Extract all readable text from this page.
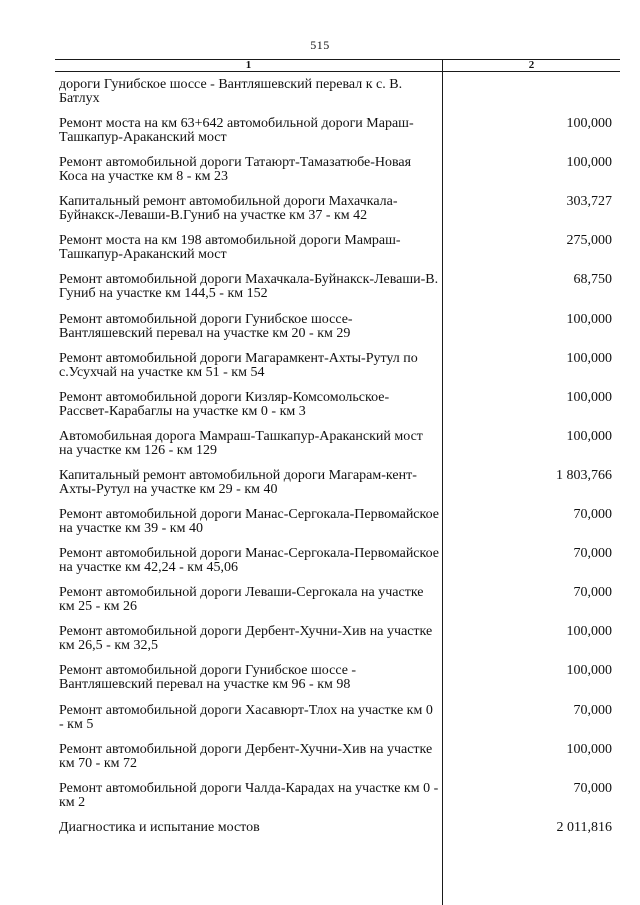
515
1	2
дороги Гунибское шоссе - Вантляшевский перевал к с. В. Батлух
Ремонт моста на км 63+642 автомобильной дороги Мараш-Ташкапур-Араканский мост
100,000
Ремонт автомобильной дороги Татаюрт-Тамазатюбе-Новая Коса на участке км 8 - км 23
100,000
Капитальный ремонт автомобильной дороги Махачкала-Буйнакск-Леваши-В.Гуниб на участке км 37 - км 42
303,727
Ремонт моста на км 198 автомобильной дороги Мамраш-Ташкапур-Араканский мост
275,000
Ремонт автомобильной дороги Махачкала-Буйнакск-Леваши-В. Гуниб на участке км 144,5 - км 152
68,750
Ремонт автомобильной дороги Гунибское шоссе-Вантляшевский перевал на участке км 20 - км 29
100,000
Ремонт автомобильной дороги Магарамкент-Ахты-Рутул по с.Усухчай на участке км 51 - км 54
100,000
Ремонт автомобильной дороги Кизляр-Комсомольское-Рассвет-Карабаглы на участке км 0 - км 3
100,000
Автомобильная дорога Мамраш-Ташкапур-Араканский мост на участке км 126 - км 129
100,000
Капитальный ремонт автомобильной дороги Магарам-кент-Ахты-Рутул на участке км 29 - км 40
1 803,766
Ремонт автомобильной дороги Манас-Сергокала-Первомайское на участке км 39 - км 40
70,000
Ремонт автомобильной дороги Манас-Сергокала-Первомайское на участке км 42,24 - км 45,06
70,000
Ремонт автомобильной дороги Леваши-Сергокала на участке км 25 - км 26
70,000
Ремонт автомобильной дороги Дербент-Хучни-Хив на участке км 26,5 - км 32,5
100,000
Ремонт автомобильной дороги Гунибское шоссе - Вантляшевский перевал на участке км 96 - км 98
100,000
Ремонт автомобильной дороги Хасавюрт-Тлох на участке км 0 - км 5
70,000
Ремонт автомобильной дороги Дербент-Хучни-Хив на участке км 70 - км 72
100,000
Ремонт автомобильной дороги Чалда-Карадах на участке км 0 - км 2
70,000
Диагностика и испытание мостов	2 011,816
